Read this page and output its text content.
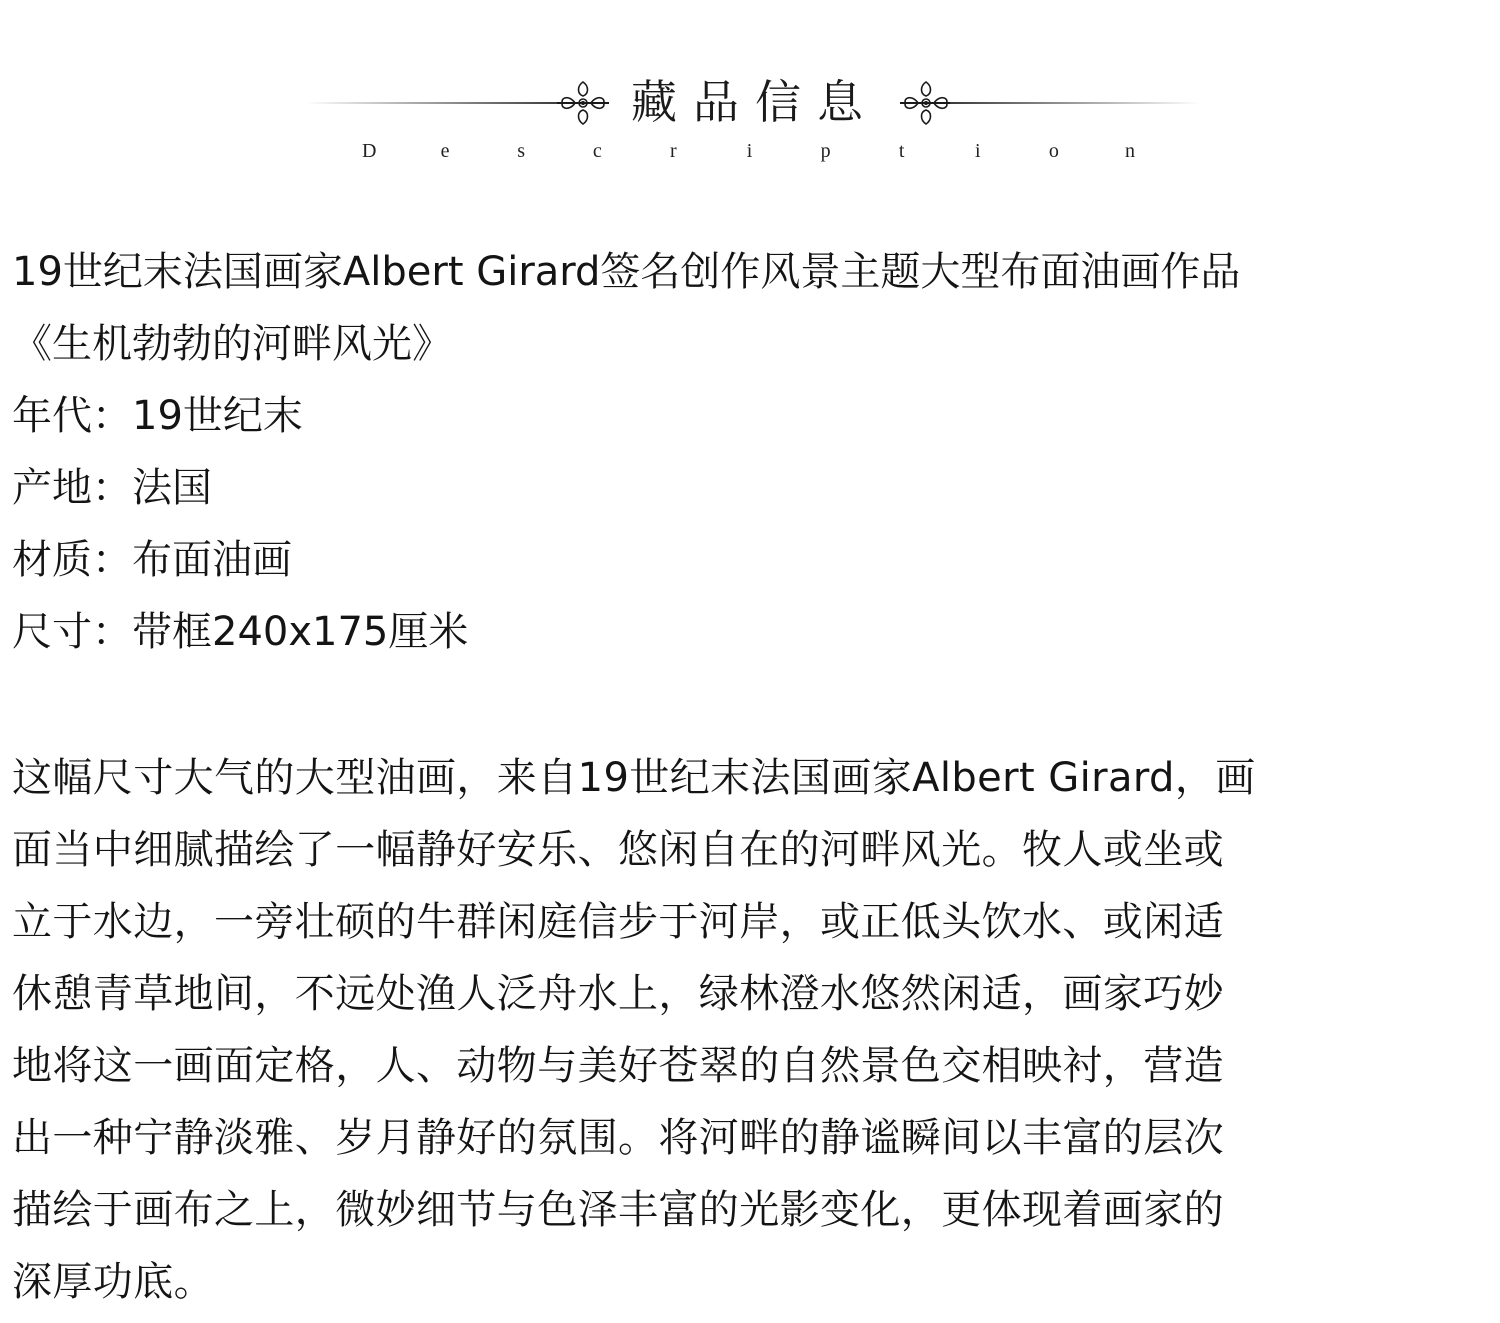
藏品信息
D	e	s	c	r	i	p	t	i	o	n
19世纪末法国画家Albert Girard签名创作风景主题大型布面油画作品
《生机勃勃的河畔风光》
年代：19世纪末
产地：法国
材质：布面油画
尺寸：带框240x175厘米
这幅尺寸大气的大型油画，来自19世纪末法国画家Albert Girard，画
面当中细腻描绘了一幅静好安乐、悠闲自在的河畔风光。牧人或坐或
立于水边，一旁壮硕的牛群闲庭信步于河岸，或正低头饮水、或闲适
休憩青草地间，不远处渔人泛舟水上，绿林澄水悠然闲适，画家巧妙
地将这一画面定格，人、动物与美好苍翠的自然景色交相映衬，营造
出一种宁静淡雅、岁月静好的氛围。将河畔的静谧瞬间以丰富的层次
描绘于画布之上，微妙细节与色泽丰富的光影变化，更体现着画家的
深厚功底。
